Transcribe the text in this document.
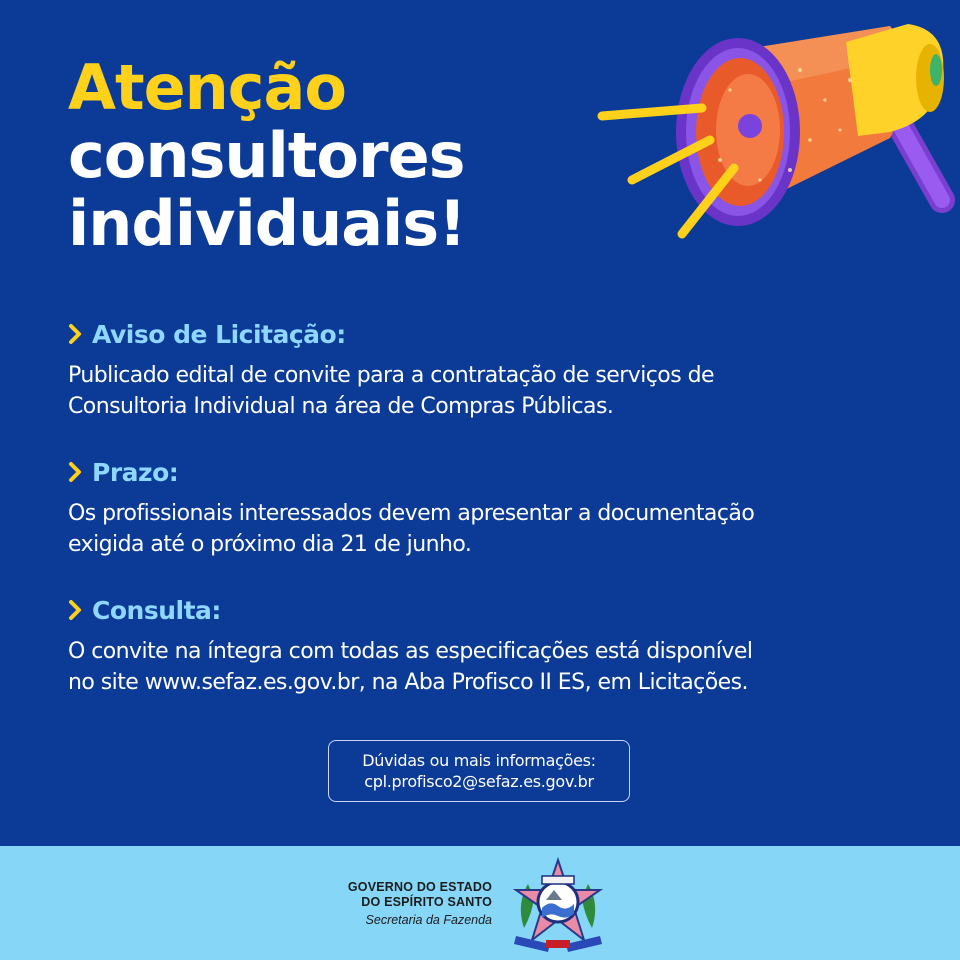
Atenção
consultores
individuais!
Aviso de Licitação:
Publicado edital de convite para a contratação de serviços de
Consultoria Individual na área de Compras Públicas.
Prazo:
Os profissionais interessados devem apresentar a documentação
exigida até o próximo dia 21 de junho.
Consulta:
O convite na íntegra com todas as especificações está disponível
no site www.sefaz.es.gov.br, na Aba Profisco II ES, em Licitações.
Dúvidas ou mais informações:
cpl.profisco2@sefaz.es.gov.br
GOVERNO DO ESTADO
DO ESPÍRITO SANTO
Secretaria da Fazenda
